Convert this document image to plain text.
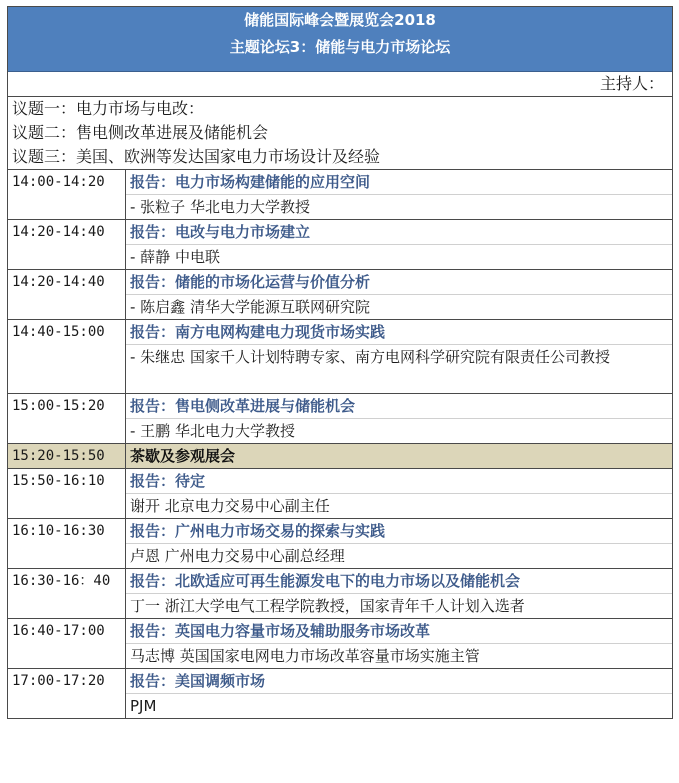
储能国际峰会暨展览会2018
主题论坛3：储能与电力市场论坛
主持人：
议题一：电力市场与电改：
议题二：售电侧改革进展及储能机会
议题三：美国、欧洲等发达国家电力市场设计及经验
14:00-14:20	报告：电力市场构建储能的应用空间
- 张粒子 华北电力大学教授
14:20-14:40	报告：电改与电力市场建立
- 薛静 中电联
14:20-14:40	报告：储能的市场化运营与价值分析
- 陈启鑫 清华大学能源互联网研究院
14:40-15:00	报告：南方电网构建电力现货市场实践
- 朱继忠 国家千人计划特聘专家、南方电网科学研究院有限责任公司教授
15:00-15:20	报告：售电侧改革进展与储能机会
- 王鹏 华北电力大学教授
15:20-15:50	茶歇及参观展会
15:50-16:10	报告：待定
谢开 北京电力交易中心副主任
16:10-16:30	报告：广州电力市场交易的探索与实践
卢恩 广州电力交易中心副总经理
16:30-16：40	报告：北欧适应可再生能源发电下的电力市场以及储能机会
丁一 浙江大学电气工程学院教授，国家青年千人计划入选者
16:40-17:00	报告：英国电力容量市场及辅助服务市场改革
马志博 英国国家电网电力市场改革容量市场实施主管
17:00-17:20	报告：美国调频市场
PJM
